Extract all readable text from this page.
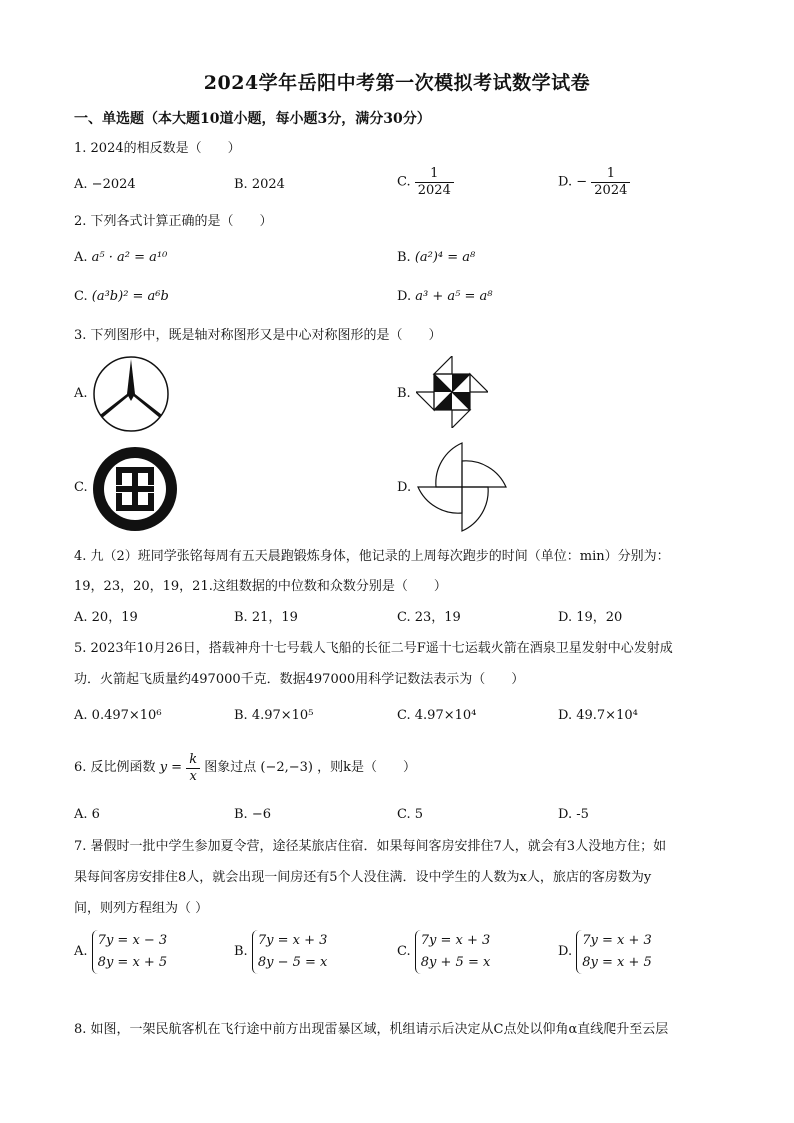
2024学年岳阳中考第一次模拟考试数学试卷
一、单选题（本大题10道小题，每小题3分，满分30分）
1. 2024的相反数是（　　）
A. −2024	B. 2024	C. $\frac{1}{2024}$	D. − $\frac{1}{2024}$
2. 下列各式计算正确的是（　　）
A. a⁵ · a² = a¹⁰	B. (a²)⁴ = a⁸
C. (a³b)² = a⁶b	D. a³ + a⁵ = a⁸
3. 下列图形中，既是轴对称图形又是中心对称图形的是（　　）
A.	B.
C.	D.
4. 九（2）班同学张铭每周有五天晨跑锻炼身体，他记录的上周每次跑步的时间（单位：min）分别为：
19，23，20，19，21.这组数据的中位数和众数分别是（　　）
A. 20，19	B. 21，19	C. 23，19	D. 19，20
5. 2023年10月26日，搭载神舟十七号载人飞船的长征二号F遥十七运载火箭在酒泉卫星发射中心发射成
功．火箭起飞质量约497000千克．数据497000用科学记数法表示为（　　）
A. 0.497×10⁶	B. 4.97×10⁵	C. 4.97×10⁴	D. 49.7×10⁴
6. 反比例函数 $y = \frac{k}{x}$ 图象过点 (−2,−3) ，则k是（　　）
A. 6	B. −6	C. 5	D. -5
7. 暑假时一批中学生参加夏令营，途径某旅店住宿．如果每间客房安排住7人，就会有3人没地方住；如
果每间客房安排住8人，就会出现一间房还有5个人没住满．设中学生的人数为x人，旅店的客房数为y
间，则列方程组为（ ）
A.
7y = x − 3
8y = x + 5
B.
7y = x + 3
8y − 5 = x
C.
7y = x + 3
8y + 5 = x
D.
7y = x + 3
8y = x + 5
8. 如图，一架民航客机在飞行途中前方出现雷暴区域，机组请示后决定从C点处以仰角α直线爬升至云层
